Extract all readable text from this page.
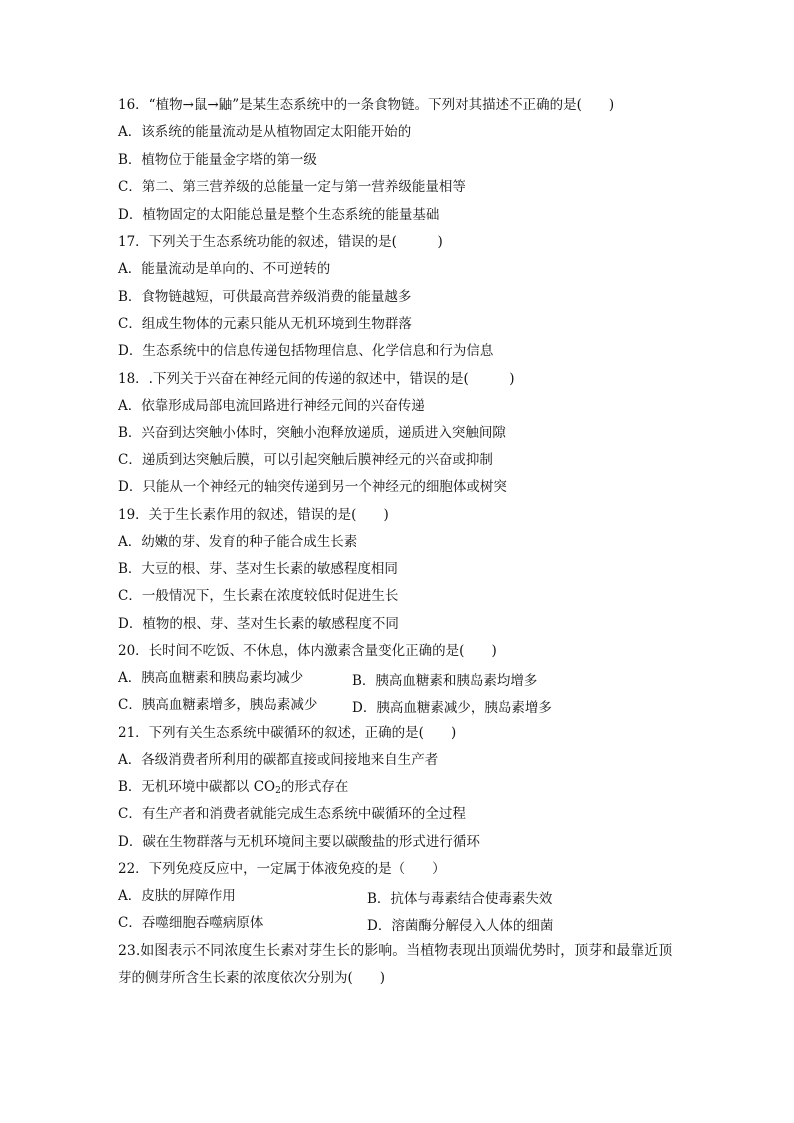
16．“植物→鼠→鼬”是某生态系统中的一条食物链。下列对其描述不正确的是(　　)
A．该系统的能量流动是从植物固定太阳能开始的
B．植物位于能量金字塔的第一级
C．第二、第三营养级的总能量一定与第一营养级能量相等
D．植物固定的太阳能总量是整个生态系统的能量基础
17．下列关于生态系统功能的叙述，错误的是(　　　)
A．能量流动是单向的、不可逆转的
B．食物链越短，可供最高营养级消费的能量越多
C．组成生物体的元素只能从无机环境到生物群落
D．生态系统中的信息传递包括物理信息、化学信息和行为信息
18．.下列关于兴奋在神经元间的传递的叙述中，错误的是(　　　)
A．依靠形成局部电流回路进行神经元间的兴奋传递
B．兴奋到达突触小体时，突触小泡释放递质，递质进入突触间隙
C．递质到达突触后膜，可以引起突触后膜神经元的兴奋或抑制
D．只能从一个神经元的轴突传递到另一个神经元的细胞体或树突
19．关于生长素作用的叙述，错误的是(　　)
A．幼嫩的芽、发育的种子能合成生长素
B．大豆的根、芽、茎对生长素的敏感程度相同
C．一般情况下，生长素在浓度较低时促进生长
D．植物的根、芽、茎对生长素的敏感程度不同
20．长时间不吃饭、不休息，体内激素含量变化正确的是(　　)
A．胰高血糖素和胰岛素均减少	B．胰高血糖素和胰岛素均增多
C．胰高血糖素增多，胰岛素减少	D．胰高血糖素减少，胰岛素增多
21．下列有关生态系统中碳循环的叙述，正确的是(　　)
A．各级消费者所利用的碳都直接或间接地来自生产者
B．无机环境中碳都以 $CO_2$的形式存在
C．有生产者和消费者就能完成生态系统中碳循环的全过程
D．碳在生物群落与无机环境间主要以碳酸盐的形式进行循环
22．下列免疫反应中，一定属于体液免疫的是（　　）
A．皮肤的屏障作用	B．抗体与毒素结合使毒素失效
C．吞噬细胞吞噬病原体	D．溶菌酶分解侵入人体的细菌
23.如图表示不同浓度生长素对芽生长的影响。当植物表现出顶端优势时，顶芽和最靠近顶
芽的侧芽所含生长素的浓度依次分别为(　　)
